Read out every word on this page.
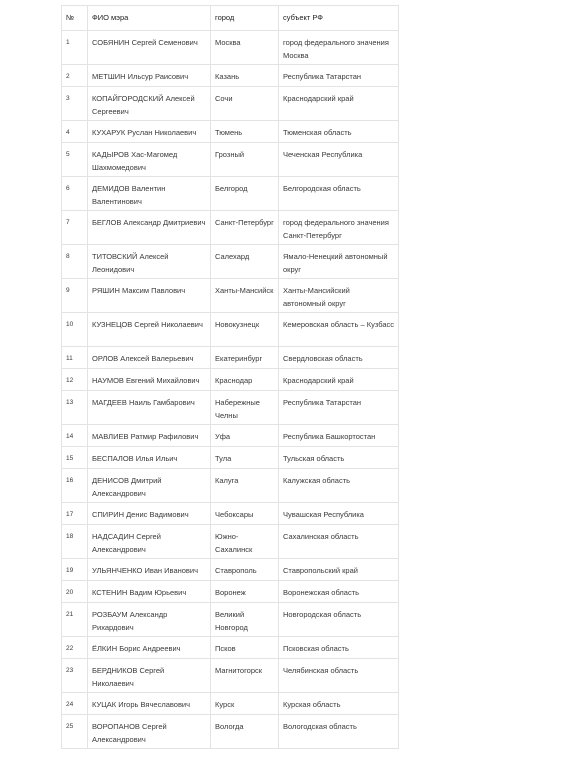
№	ФИО мэра	город	субъект РФ
1	СОБЯНИН Сергей Семенович	Москва	город федерального значения Москва
2	МЕТШИН Ильсур Раисович	Казань	Республика Татарстан
3	КОПАЙГОРОДСКИЙ Алексей Сергеевич	Сочи	Краснодарский край
4	КУХАРУК Руслан Николаевич	Тюмень	Тюменская область
5	КАДЫРОВ Хас-Магомед Шахмомедович	Грозный	Чеченская Республика
6	ДЕМИДОВ Валентин Валентинович	Белгород	Белгородская область
7	БЕГЛОВ Александр Дмитриевич	Санкт-Петербург	город федерального значения Санкт-Петербург
8	ТИТОВСКИЙ Алексей Леонидович	Салехард	Ямало-Ненецкий автономный округ
9	РЯШИН Максим Павлович	Ханты-Мансийск	Ханты-Мансийский автономный округ
10	КУЗНЕЦОВ Сергей Николаевич	Новокузнецк	Кемеровская область – Кузбасс
11	ОРЛОВ Алексей Валерьевич	Екатеринбург	Свердловская область
12	НАУМОВ Евгений Михайлович	Краснодар	Краснодарский край
13	МАГДЕЕВ Наиль Гамбарович	Набережные Челны	Республика Татарстан
14	МАВЛИЕВ Ратмир Рафилович	Уфа	Республика Башкортостан
15	БЕСПАЛОВ Илья Ильич	Тула	Тульская область
16	ДЕНИСОВ Дмитрий Александрович	Калуга	Калужская область
17	СПИРИН Денис Вадимович	Чебоксары	Чувашская Республика
18	НАДСАДИН Сергей Александрович	Южно-Сахалинск	Сахалинская область
19	УЛЬЯНЧЕНКО Иван Иванович	Ставрополь	Ставропольский край
20	КСТЕНИН Вадим Юрьевич	Воронеж	Воронежская область
21	РОЗБАУМ Александр Рихардович	Великий Новгород	Новгородская область
22	ЁЛКИН Борис Андреевич	Псков	Псковская область
23	БЕРДНИКОВ Сергей Николаевич	Магнитогорск	Челябинская область
24	КУЦАК Игорь Вячеславович	Курск	Курская область
25	ВОРОПАНОВ Сергей Александрович	Вологда	Вологодская область
